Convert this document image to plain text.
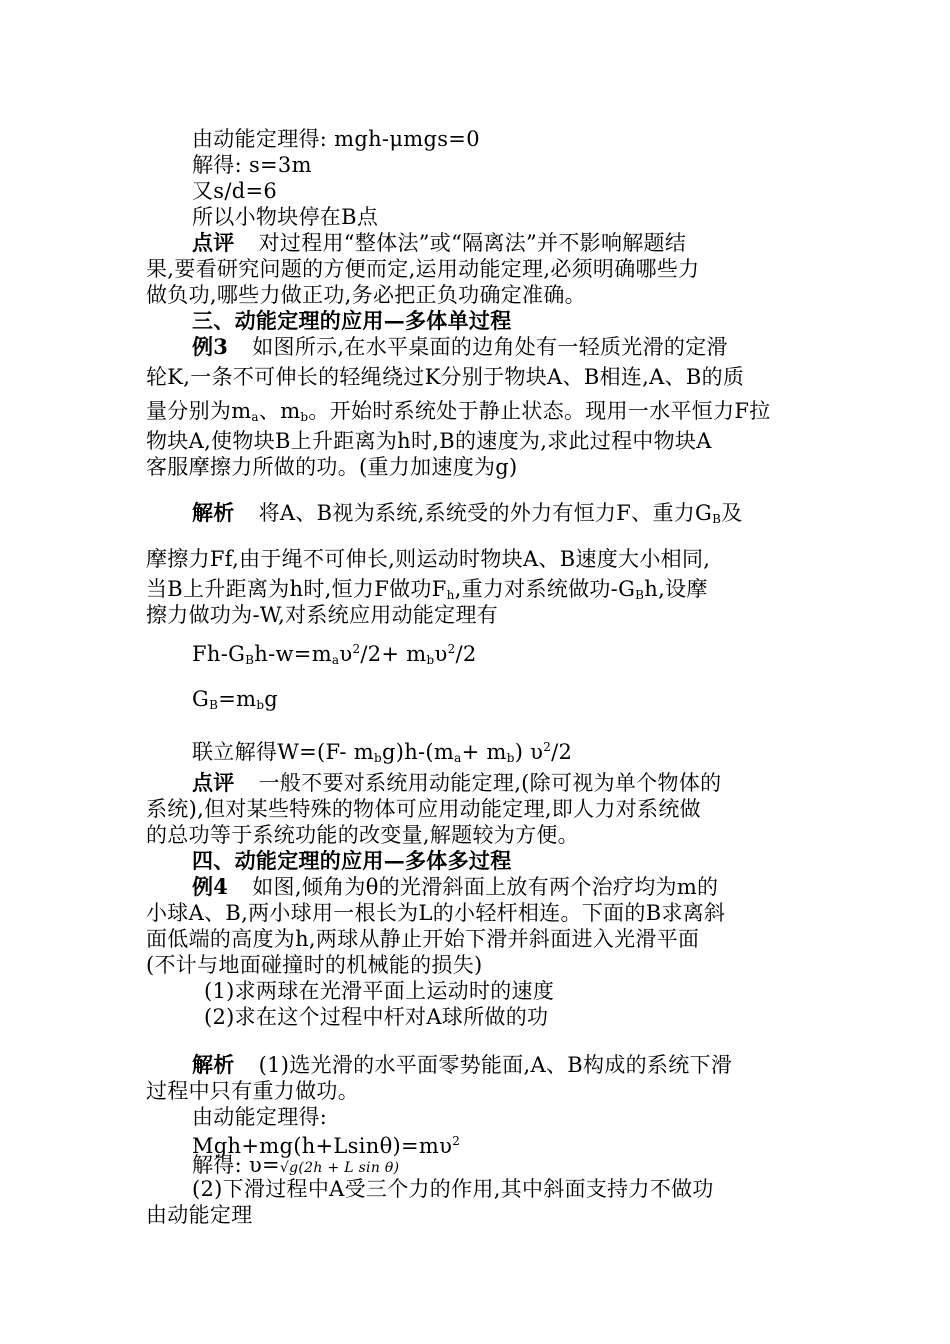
由动能定理得: mgh-μmgs=0
解得: s=3m
又s/d=6
所以小物块停在B点
点评 对过程用“整体法”或“隔离法”并不影响解题结
果,要看研究问题的方便而定,运用动能定理,必须明确哪些力
做负功,哪些力做正功,务必把正负功确定准确。
三、动能定理的应用—多体单过程
例3 如图所示,在水平桌面的边角处有一轻质光滑的定滑
轮K,一条不可伸长的轻绳绕过K分别于物块A、B相连,A、B的质
量分别为$m_a$、$m_b$。开始时系统处于静止状态。现用一水平恒力F拉
物块A,使物块B上升距离为h时,B的速度为,求此过程中物块A
客服摩擦力所做的功。(重力加速度为g)
解析 将A、B视为系统,系统受的外力有恒力F、重力$G_B$及
摩擦力Ff,由于绳不可伸长,则运动时物块A、B速度大小相同,
当B上升距离为h时,恒力F做功$F_h$,重力对系统做功$-G_Bh$,设摩
擦力做功为-W,对系统应用动能定理有
$Fh-G_Bh-w=m_a\upsilon^2/2+ m_b\upsilon^2/2$
$G_B=m_bg$
联立解得W=(F- $m_bg)h-(m_a+ m_b)$ $\upsilon^2/2$
点评 一般不要对系统用动能定理,(除可视为单个物体的
系统),但对某些特殊的物体可应用动能定理,即人力对系统做
的总功等于系统功能的改变量,解题较为方便。
四、动能定理的应用—多体多过程
例4 如图,倾角为θ的光滑斜面上放有两个治疗均为m的
小球A、B,两小球用一根长为L的小轻杆相连。下面的B求离斜
面低端的高度为h,两球从静止开始下滑并斜面进入光滑平面
(不计与地面碰撞时的机械能的损失)
(1)求两球在光滑平面上运动时的速度
(2)求在这个过程中杆对A球所做的功
解析 (1)选光滑的水平面零势能面,A、B构成的系统下滑
过程中只有重力做功。
由动能定理得:
$Mgh+mg(h+Lsin\theta)=m\upsilon^2$
解得: υ=√g(2h + L sin θ)
(2)下滑过程中A受三个力的作用,其中斜面支持力不做功
由动能定理
